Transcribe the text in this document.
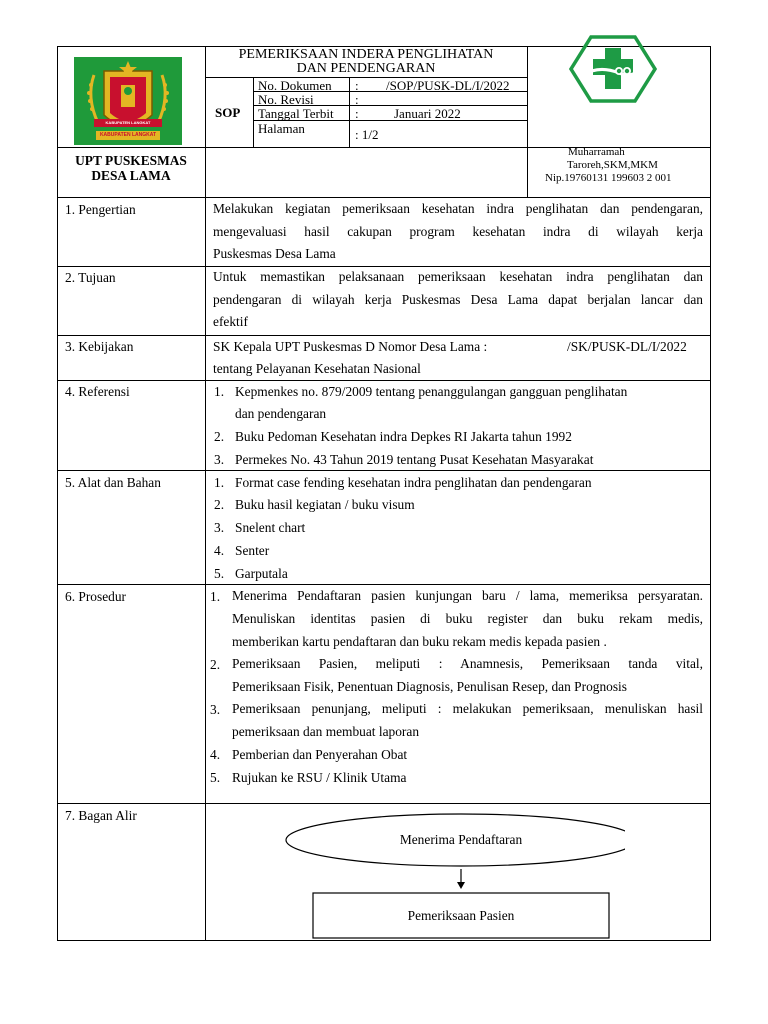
KABUPATEN LANGKAT
KABUPATEN LANGKAT
PEMERIKSAAN INDERA PENGLIHATAN
DAN PENDENGARAN
SOP
No. Dokumen : /SOP/PUSK-DL/I/2022
No. Revisi	:
Tanggal Terbit :	Januari 2022
Halaman	: 1/2
UPT PUSKESMAS
DESA LAMA
Muharramah
Taroreh,SKM,MKM
Nip.19760131 199603 2 001
1. Pengertian	Melakukan kegiatan pemeriksaan kesehatan indra penglihatan dan pendengaran,
mengevaluasi hasil cakupan program kesehatan indra di wilayah kerja
Puskesmas Desa Lama
2. Tujuan	Untuk memastikan pelaksanaan pemeriksaan kesehatan indra penglihatan dan
pendengaran di wilayah kerja Puskesmas Desa Lama dapat berjalan lancar dan
efektif
3. Kebijakan	SK Kepala UPT Puskesmas D Nomor Desa Lama :	/SK/PUSK-DL/I/2022
tentang Pelayanan Kesehatan Nasional
4. Referensi	1. Kepmenkes no. 879/2009 tentang penanggulangan gangguan penglihatan
dan pendengaran
2. Buku Pedoman Kesehatan indra Depkes RI Jakarta tahun 1992
3. Permekes No. 43 Tahun 2019 tentang Pusat Kesehatan Masyarakat
5. Alat dan Bahan	1. Format case fending kesehatan indra penglihatan dan pendengaran
2. Buku hasil kegiatan / buku visum
3. Snelent chart
4. Senter
5. Garputala
6. Prosedur	1. Menerima Pendaftaran pasien kunjungan baru / lama, memeriksa persyaratan.
Menuliskan identitas pasien di buku register dan buku rekam medis,
memberikan kartu pendaftaran dan buku rekam medis kepada pasien .
2. Pemeriksaan Pasien, meliputi : Anamnesis, Pemeriksaan tanda vital,
Pemeriksaan Fisik, Penentuan Diagnosis, Penulisan Resep, dan Prognosis
3. Pemeriksaan penunjang, meliputi : melakukan pemeriksaan, menuliskan hasil
pemeriksaan dan membuat laporan
4. Pemberian dan Penyerahan Obat
5. Rujukan ke RSU / Klinik Utama
7. Bagan Alir
Menerima Pendaftaran
Pemeriksaan Pasien
